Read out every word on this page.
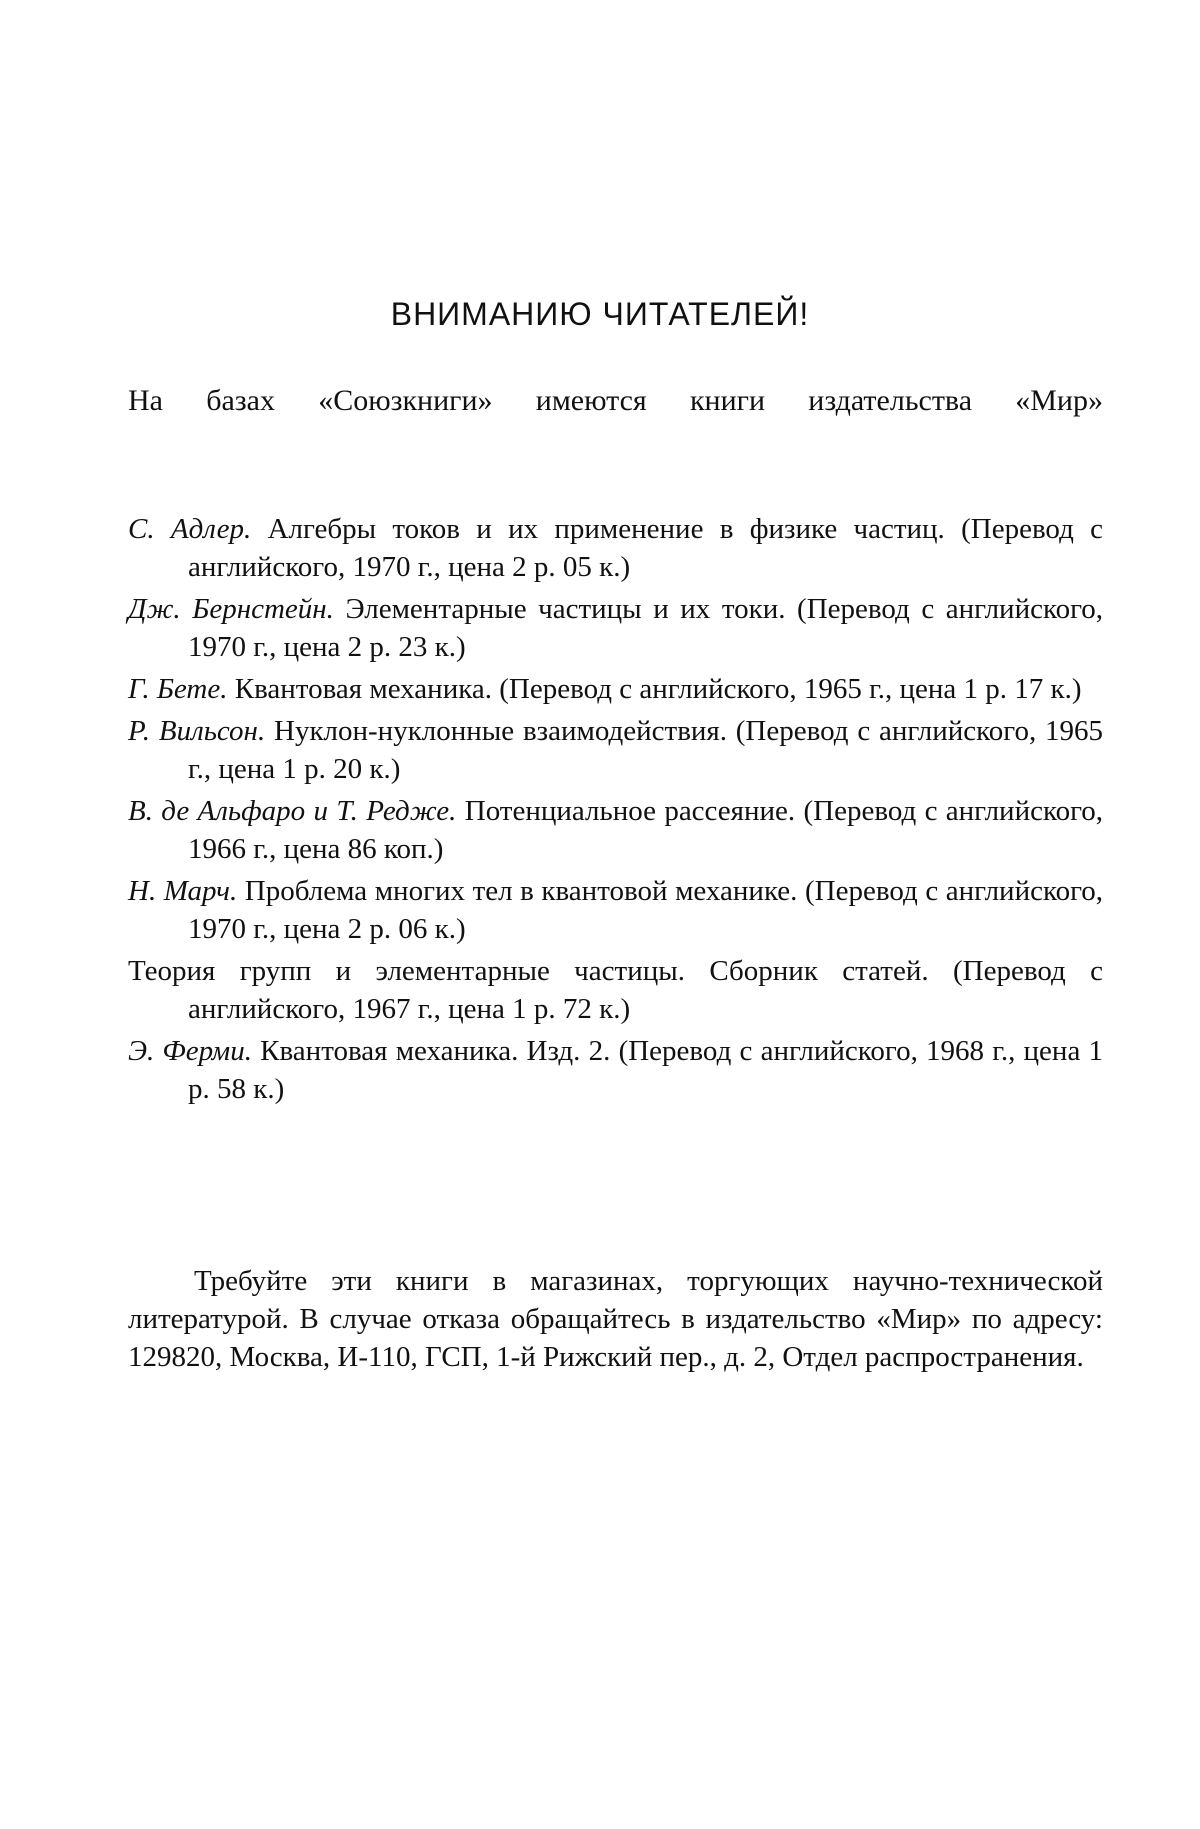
ВНИМАНИЮ ЧИТАТЕЛЕЙ!
На базах «Союзкниги» имеются книги издательства «Мир»
С. Адлер. Алгебры токов и их применение в физике частиц. (Перевод с английского, 1970 г., цена 2 р. 05 к.)
Дж. Бернстейн. Элементарные частицы и их токи. (Перевод с английского, 1970 г., цена 2 р. 23 к.)
Г. Бете. Квантовая механика. (Перевод с английского, 1965 г., цена 1 р. 17 к.)
Р. Вильсон. Нуклон-нуклонные взаимодействия. (Перевод с английского, 1965 г., цена 1 р. 20 к.)
В. де Альфаро и Т. Редже. Потенциальное рассеяние. (Перевод с английского, 1966 г., цена 86 коп.)
Н. Марч. Проблема многих тел в квантовой механике. (Перевод с английского, 1970 г., цена 2 р. 06 к.)
Теория групп и элементарные частицы. Сборник статей. (Перевод с английского, 1967 г., цена 1 р. 72 к.)
Э. Ферми. Квантовая механика. Изд. 2. (Перевод с английского, 1968 г., цена 1 р. 58 к.)
Требуйте эти книги в магазинах, торгующих научно-технической литературой. В случае отказа обращайтесь в издательство «Мир» по адресу: 129820, Москва, И-110, ГСП, 1-й Рижский пер., д. 2, Отдел распространения.
